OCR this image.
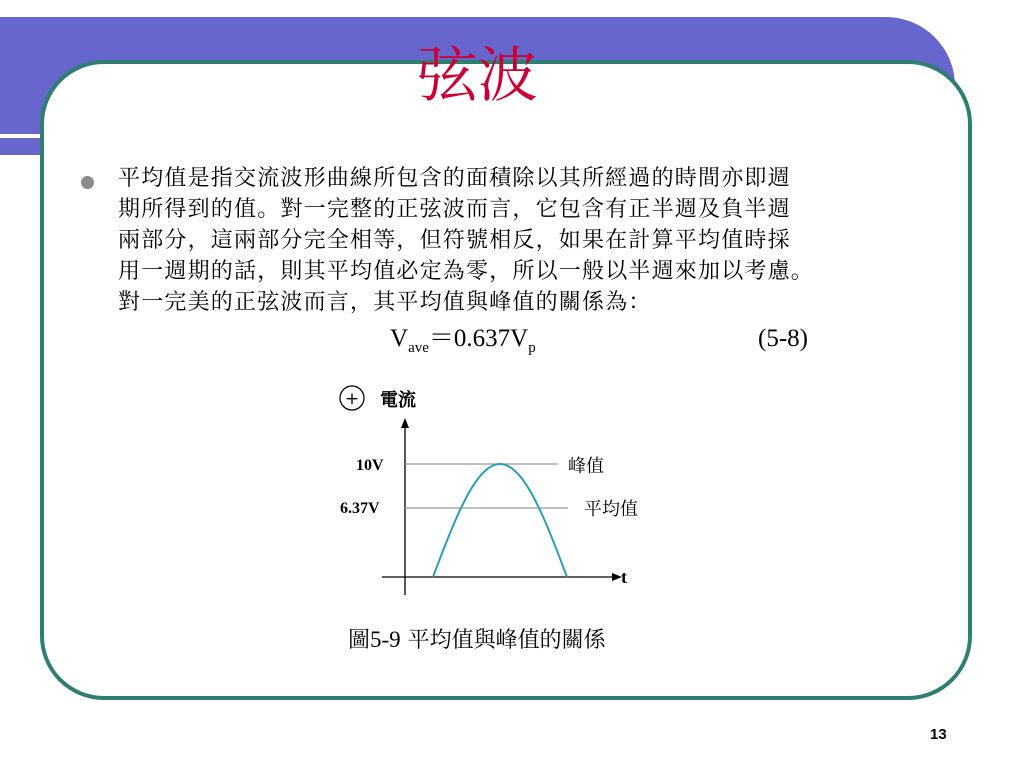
弦波
平均值是指交流波形曲線所包含的面積除以其所經過的時間亦即週
期所得到的值。對一完整的正弦波而言，它包含有正半週及負半週
兩部分，這兩部分完全相等，但符號相反，如果在計算平均值時採
用一週期的話，則其平均值必定為零，所以一般以半週來加以考慮。
對一完美的正弦波而言，其平均值與峰值的關係為：
$V_{ave}=0.637V_p$	(5-8)
+ 電流
t
10V
6.37V
峰值
平均值
圖5-9 平均值與峰值的關係
13
